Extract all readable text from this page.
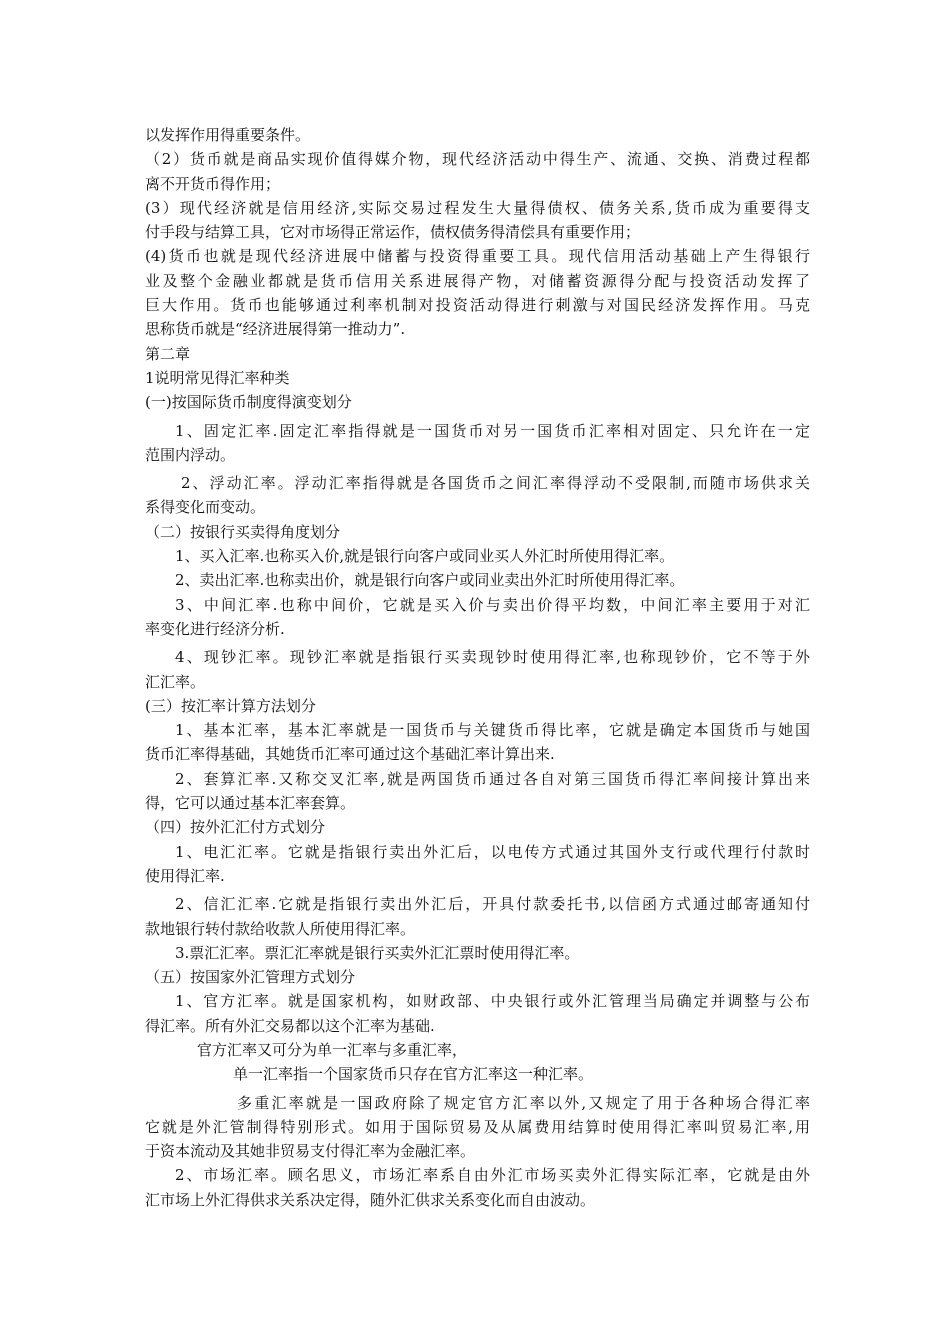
以发挥作用得重要条件。
（2）货币就是商品实现价值得媒介物，现代经济活动中得生产、流通、交换、消费过程都
离不开货币得作用；
(3）现代经济就是信用经济,实际交易过程发生大量得债权、债务关系,货币成为重要得支
付手段与结算工具，它对市场得正常运作，债权债务得清偿具有重要作用；
(4)货币也就是现代经济进展中储蓄与投资得重要工具。现代信用活动基础上产生得银行
业及整个金融业都就是货币信用关系进展得产物，对储蓄资源得分配与投资活动发挥了
巨大作用。货币也能够通过利率机制对投资活动得进行刺激与对国民经济发挥作用。马克
思称货币就是“经济进展得第一推动力”.
第二章
1说明常见得汇率种类
(一)按国际货币制度得演变划分
1、固定汇率.固定汇率指得就是一国货币对另一国货币汇率相对固定、只允许在一定
范围内浮动。
2、浮动汇率。浮动汇率指得就是各国货币之间汇率得浮动不受限制,而随市场供求关
系得变化而变动。
（二）按银行买卖得角度划分
1、买入汇率.也称买入价,就是银行向客户或同业买人外汇时所使用得汇率。
2、卖出汇率.也称卖出价，就是银行向客户或同业卖出外汇时所使用得汇率。
3、中间汇率.也称中间价，它就是买入价与卖出价得平均数，中间汇率主要用于对汇
率变化进行经济分析.
4、现钞汇率。现钞汇率就是指银行买卖现钞时使用得汇率,也称现钞价，它不等于外
汇汇率。
(三）按汇率计算方法划分
1、基本汇率，基本汇率就是一国货币与关键货币得比率，它就是确定本国货币与她国
货币汇率得基础，其她货币汇率可通过这个基础汇率计算出来.
2、套算汇率.又称交叉汇率,就是两国货币通过各自对第三国货币得汇率间接计算出来
得，它可以通过基本汇率套算。
（四）按外汇汇付方式划分
1、电汇汇率。它就是指银行卖出外汇后，以电传方式通过其国外支行或代理行付款时
使用得汇率.
2、信汇汇率.它就是指银行卖出外汇后，开具付款委托书,以信函方式通过邮寄通知付
款地银行转付款给收款人所使用得汇率。
3.票汇汇率。票汇汇率就是银行买卖外汇汇票时使用得汇率。
（五）按国家外汇管理方式划分
1、官方汇率。就是国家机构，如财政部、中央银行或外汇管理当局确定并调整与公布
得汇率。所有外汇交易都以这个汇率为基础.
官方汇率又可分为单一汇率与多重汇率，
单一汇率指一个国家货币只存在官方汇率这一种汇率。
多重汇率就是一国政府除了规定官方汇率以外,又规定了用于各种场合得汇率
它就是外汇管制得特别形式。如用于国际贸易及从属费用结算时使用得汇率叫贸易汇率,用
于资本流动及其她非贸易支付得汇率为金融汇率。
2、市场汇率。顾名思义，市场汇率系自由外汇市场买卖外汇得实际汇率，它就是由外
汇市场上外汇得供求关系决定得，随外汇供求关系变化而自由波动。
